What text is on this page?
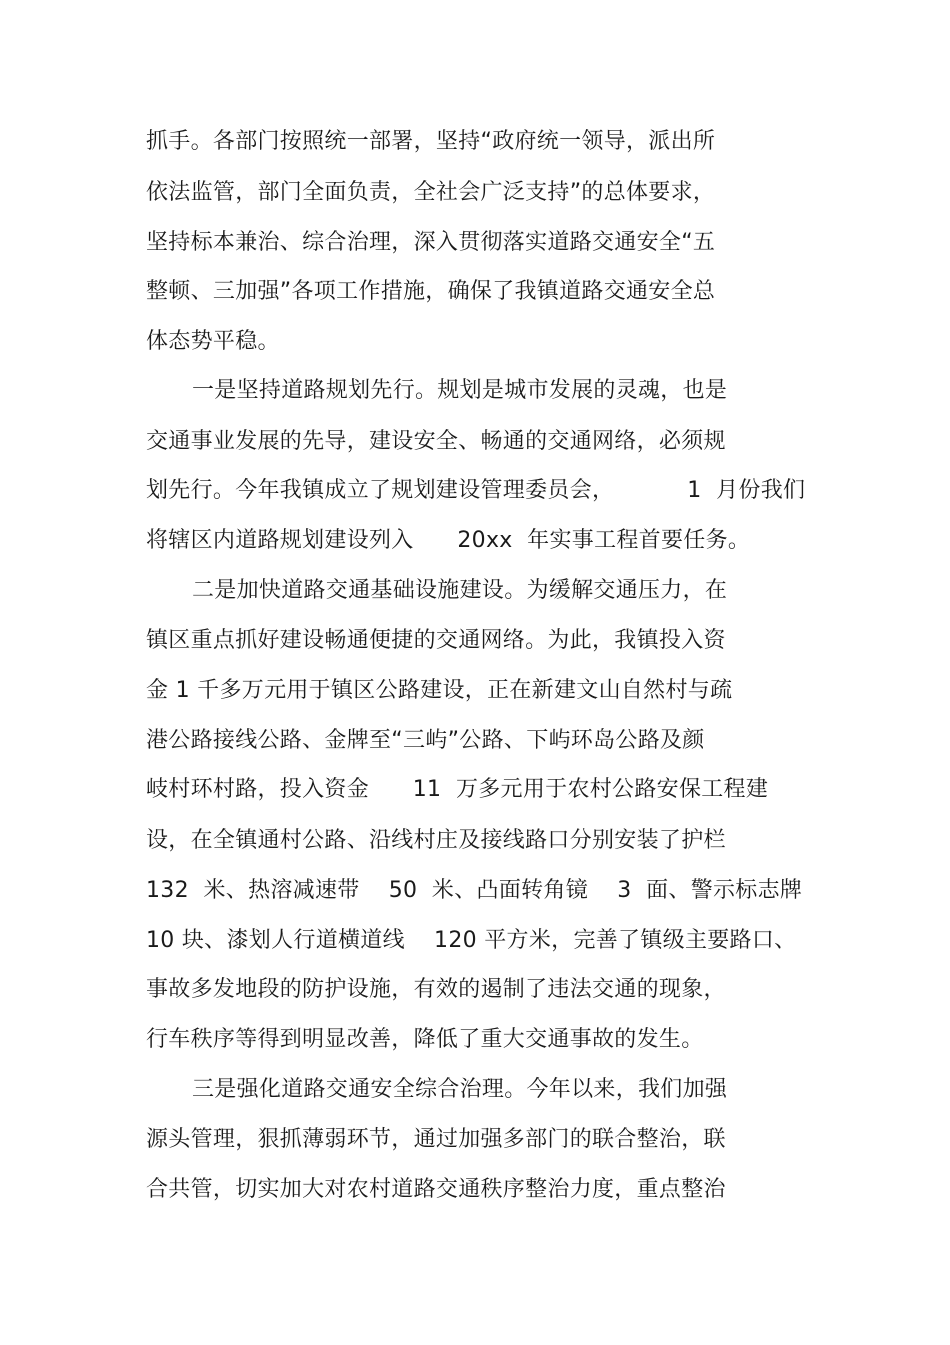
抓手。各部门按照统一部署，坚持“政府统一领导，派出所
依法监管，部门全面负责，全社会广泛支持”的总体要求，
坚持标本兼治、综合治理，深入贯彻落实道路交通安全“五
整顿、三加强”各项工作措施，确保了我镇道路交通安全总
体态势平稳。
一是坚持道路规划先行。规划是城市发展的灵魂，也是
交通事业发展的先导，建设安全、畅通的交通网络，必须规
划先行。今年我镇成立了规划建设管理委员会，          1  月份我们
将辖区内道路规划建设列入      20xx  年实事工程首要任务。
二是加快道路交通基础设施建设。为缓解交通压力，在
镇区重点抓好建设畅通便捷的交通网络。为此，我镇投入资
金 1 千多万元用于镇区公路建设，正在新建文山自然村与疏
港公路接线公路、金牌至“三屿”公路、下屿环岛公路及颜
岐村环村路，投入资金      11  万多元用于农村公路安保工程建
设，在全镇通村公路、沿线村庄及接线路口分别安装了护栏
132  米、热溶减速带    50  米、凸面转角镜    3  面、警示标志牌
10 块、漆划人行道横道线    120 平方米，完善了镇级主要路口、
事故多发地段的防护设施，有效的遏制了违法交通的现象，
行车秩序等得到明显改善，降低了重大交通事故的发生。
三是强化道路交通安全综合治理。今年以来，我们加强
源头管理，狠抓薄弱环节，通过加强多部门的联合整治，联
合共管，切实加大对农村道路交通秩序整治力度，重点整治
